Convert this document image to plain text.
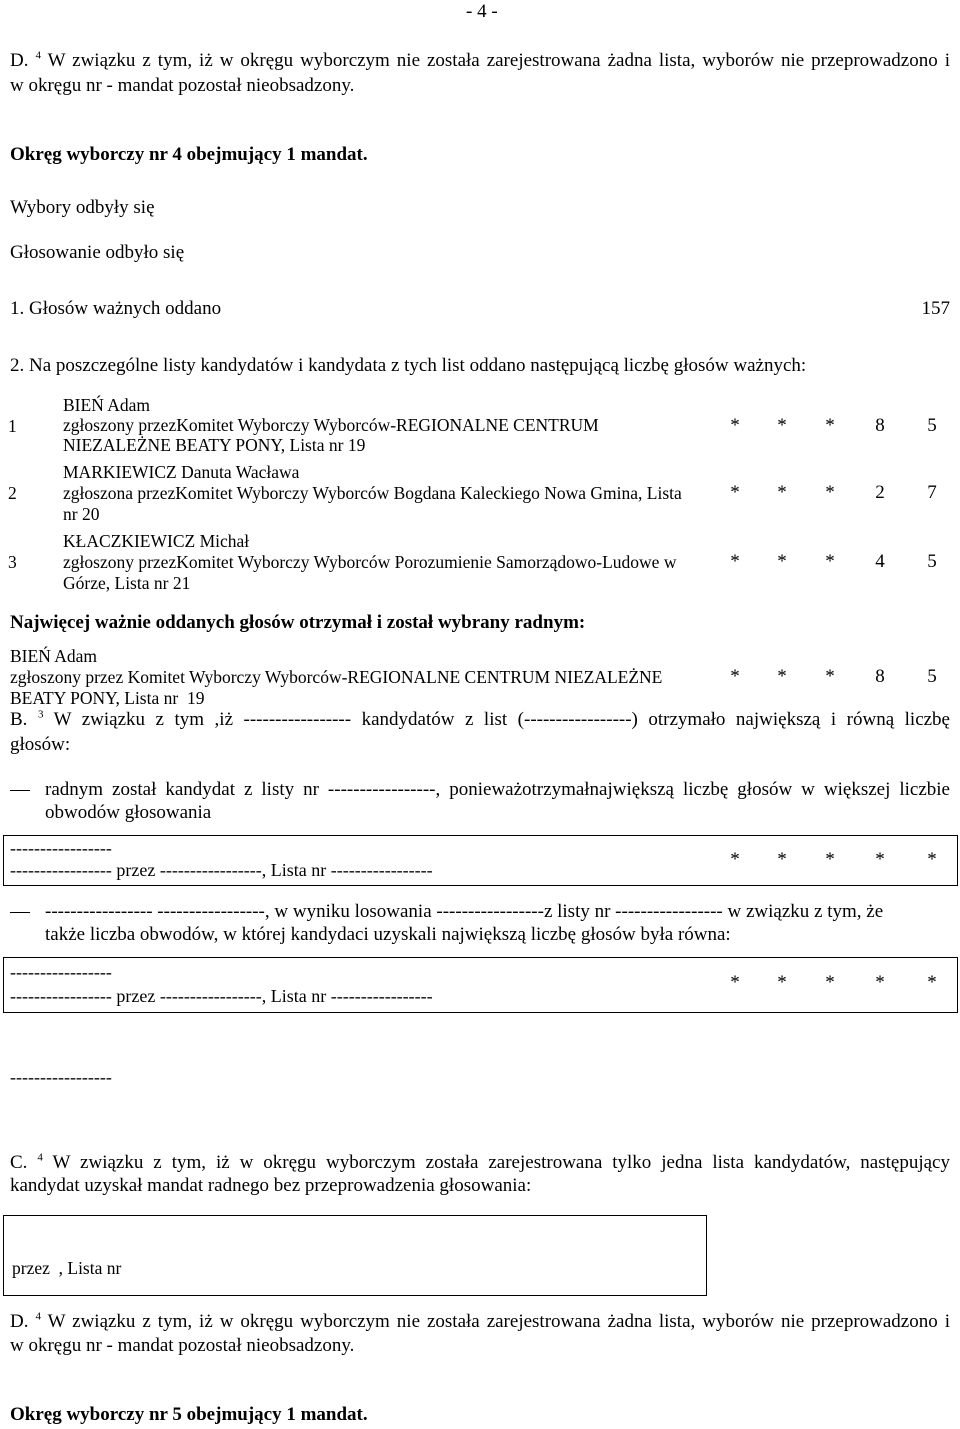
- 4 -
D. $^4$ W związku z tym, iż w okręgu wyborczym nie została zarejestrowana żadna lista, wyborów nie przeprowadzono i
w okręgu nr - mandat pozostał nieobsadzony.
Okręg wyborczy nr 4 obejmujący 1 mandat.
Wybory odbyły się
Głosowanie odbyło się
1. Głosów ważnych oddano	157
2. Na poszczególne listy kandydatów i kandydata z tych list oddano następującą liczbę głosów ważnych:
1
BIEŃ Adam
zgłoszony przezKomitet Wyborczy Wyborców-REGIONALNE CENTRUM
NIEZALEŻNE BEATY PONY, Lista nr 19
*	*	*	8	5
2
MARKIEWICZ Danuta Wacława
zgłoszona przezKomitet Wyborczy Wyborców Bogdana Kaleckiego Nowa Gmina, Lista
nr 20
*	*	*	2	7
3
KŁACZKIEWICZ Michał
zgłoszony przezKomitet Wyborczy Wyborców Porozumienie Samorządowo-Ludowe w
Górze, Lista nr 21
*	*	*	4	5
Najwięcej ważnie oddanych głosów otrzymał i został wybrany radnym:
BIEŃ Adam
zgłoszony przez Komitet Wyborczy Wyborców-REGIONALNE CENTRUM NIEZALEŻNE
BEATY PONY, Lista nr  19
*	*	*	8	5
B. $^3$ W związku z tym ,iż ----------------- kandydatów z list (-----------------) otrzymało największą i równą liczbę
głosów:
radnym został kandydat z listy nr -----------------, ponieważotrzymałnajwiększą liczbę głosów w większej liczbie
obwodów głosowania
-----------------
----------------- przez -----------------, Lista nr -----------------	*	*	*	*	*
----------------- -----------------, w wyniku losowania -----------------z listy nr ----------------- w związku z tym, że
także liczba obwodów, w której kandydaci uzyskali największą liczbę głosów była równa:
-----------------
----------------- przez -----------------, Lista nr -----------------
*	*	*	*	*
-----------------
C. $^4$ W związku z tym, iż w okręgu wyborczym została zarejestrowana tylko jedna lista kandydatów, następujący
kandydat uzyskał mandat radnego bez przeprowadzenia głosowania:
przez  , Lista nr
D. $^4$ W związku z tym, iż w okręgu wyborczym nie została zarejestrowana żadna lista, wyborów nie przeprowadzono i
w okręgu nr - mandat pozostał nieobsadzony.
Okręg wyborczy nr 5 obejmujący 1 mandat.
